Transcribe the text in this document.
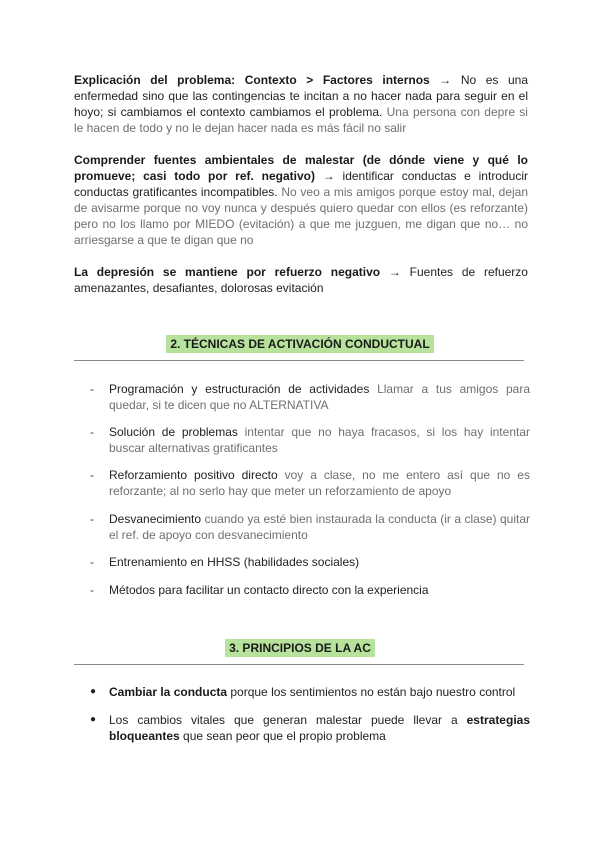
Explicación del problema: Contexto > Factores internos → No es una enfermedad sino que las contingencias te incitan a no hacer nada para seguir en el hoyo; si cambiamos el contexto cambiamos el problema. Una persona con depre si le hacen de todo y no le dejan hacer nada es más fácil no salir
Comprender fuentes ambientales de malestar (de dónde viene y qué lo promueve; casi todo por ref. negativo) → identificar conductas e introducir conductas gratificantes incompatibles. No veo a mis amigos porque estoy mal, dejan de avisarme porque no voy nunca y después quiero quedar con ellos (es reforzante) pero no los llamo por MIEDO (evitación) a que me juzguen, me digan que no… no arriesgarse a que te digan que no
La depresión se mantiene por refuerzo negativo → Fuentes de refuerzo amenazantes, desafiantes, dolorosas evitación
2. TÉCNICAS DE ACTIVACIÓN CONDUCTUAL
-	Programación y estructuración de actividades Llamar a tus amigos para quedar, si te dicen que no ALTERNATIVA
-	Solución de problemas intentar que no haya fracasos, si los hay intentar buscar alternativas gratificantes
-	Reforzamiento positivo directo voy a clase, no me entero así que no es reforzante; al no serlo hay que meter un reforzamiento de apoyo
-	Desvanecimiento cuando ya esté bien instaurada la conducta (ir a clase) quitar el ref. de apoyo con desvanecimiento
-	Entrenamiento en HHSS (habilidades sociales)
-	Métodos para facilitar un contacto directo con la experiencia
3. PRINCIPIOS DE LA AC
●	Cambiar la conducta porque los sentimientos no están bajo nuestro control
●	Los cambios vitales que generan malestar puede llevar a estrategias bloqueantes que sean peor que el propio problema
